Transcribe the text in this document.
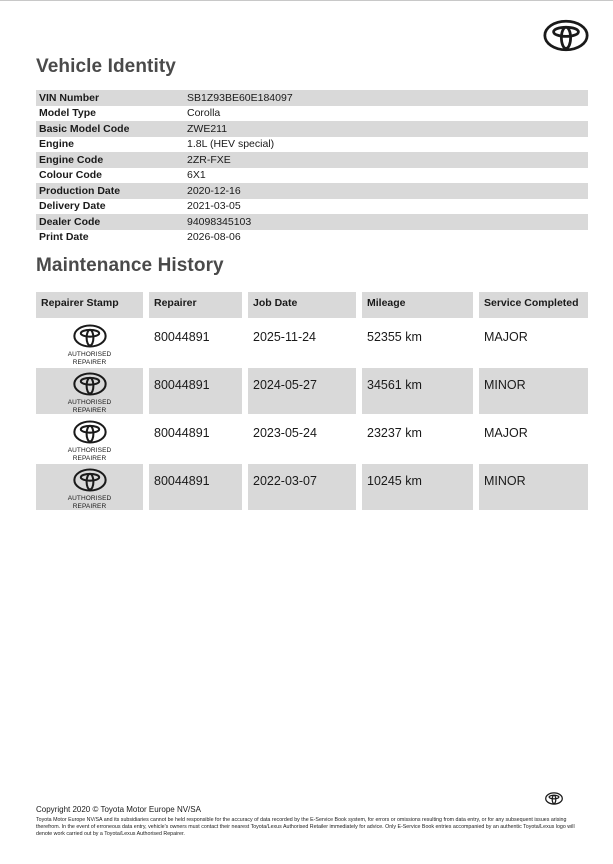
Vehicle Identity
VIN Number	SB1Z93BE60E184097
Model Type	Corolla
Basic Model Code	ZWE211
Engine	1.8L (HEV special)
Engine Code	2ZR-FXE
Colour Code	6X1
Production Date	2020-12-16
Delivery Date	2021-03-05
Dealer Code	94098345103
Print Date	2026-08-06
Maintenance History
Repairer Stamp	Repairer	Job Date	Mileage	Service Completed
AUTHORISED
REPAIRER
80044891	2025-11-24	52355 km	MAJOR
AUTHORISED
REPAIRER
80044891	2024-05-27	34561 km	MINOR
AUTHORISED
REPAIRER
80044891	2023-05-24	23237 km	MAJOR
AUTHORISED
REPAIRER
80044891	2022-03-07	10245 km	MINOR
Copyright 2020 © Toyota Motor Europe NV/SA
Toyota Motor Europe NV/SA and its subsidiaries cannot be held responsible for the accuracy of data recorded by the E-Service Book system, for errors or omissions resulting from data entry, or for any subsequent issues arising therefrom. In the event of erroneous data entry, vehicle's owners must contact their nearest Toyota/Lexus Authorised Retailer immediately for advice. Only E-Service Book entries accompanied by an authentic Toyota/Lexus logo will denote work carried out by a Toyota/Lexus Authorised Repairer.
